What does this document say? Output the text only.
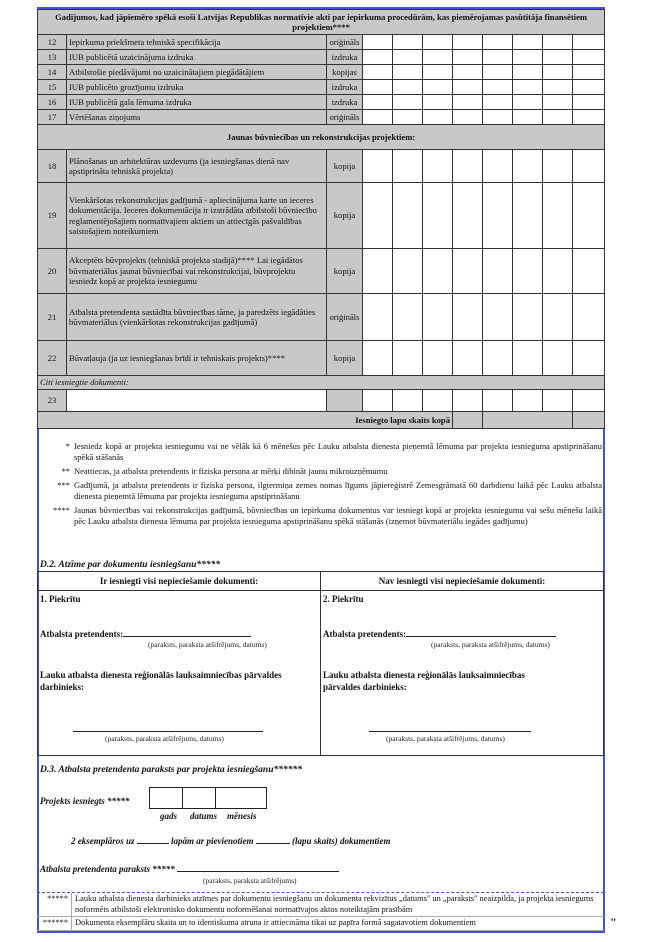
Gadījumos, kad jāpiemēro spēkā esoši Latvijas Republikas normatīvie akti par iepirkuma procedūrām, kas piemērojamas pasūtītāja finansētiem projektiem****										
12	Iepirkuma priekšmeta tehniskā specifikācija	oriģināls								
13	IUB publicētā uzaicinājuma izdruka	izdruka								
14	Atbilstošie piedāvājumi no uzaicinātajiem piegādātājiem	kopijas								
15	IUB publicēto grozījumu izdruka	izdruka								
16	IUB publicētā gala lēmuma izdruka	izdruka								
17	Vērtēšanas ziņojums	oriģināls								
Jaunas būvniecības un rekonstrukcijas projektiem:										
18	Plānošanas un arhitektūras uzdevums (ja iesniegšanas dienā nav apstiprināta tehniskā projekta)	kopija								
19	Vienkāršotas rekonstrukcijas gadījumā - apliecinājuma karte un ieceres dokumentācija. Ieceres dokumentācija ir izstrādāta atbilstoši būvniecību reglamentējošajiem normatīvajiem aktiem un attiecīgās pašvaldības saistošajiem noteikumiem	kopija								
20	Akceptēts būvprojekts (tehniskā projekta stadijā)**** Lai iegādātos būvmateriālus jaunai būvniecībai vai rekonstrukcijai, būvprojektu iesniedz kopā ar projekta iesniegumu	kopija								
21	Atbalsta pretendenta sastādīta būvniecības tāme, ja paredzēts iegādāties būvmateriālus (vienkāršotas rekonstrukcijas gadījumā)	oriģināls								
22	Būvatļauja (ja uz iesniegšanas brīdi ir tehniskais projekts)****	kopija								
Citi iesniegtie dokumenti:										
23										
Iesniegto lapu skaits kopā										
* Iesniedz kopā ar projekta iesniegumu vai ne vēlāk kā 6 mēnešus pēc Lauku atbalsta dienesta pieņemtā lēmuma par projekta iesnieguma apstiprināšanu spēkā stāšanās
** Neattiecas, ja atbalsta pretendents ir fiziska persona ar mērķi dibināt jaunu mikrouzņēmumu
*** Gadījumā, ja atbalsta pretendents ir fiziska persona, ilgtermiņa zemes nomas līgums jāpiereģistrē Zemesgrāmatā 60 darbdienu laikā pēc Lauku atbalsta dienesta pieņemtā lēmuma par projekta iesnieguma apstiprināšanu
**** Jaunas būvniecības vai rekonstrukcijas gadījumā, būvniecības un iepirkuma dokumentus var iesniegt kopā ar projekta iesniegumu vai sešu mēnešu laikā pēc Lauku atbalsta dienesta lēmuma par projekta iesnieguma apstiprināšanu spēkā stāšanās (izņemot būvmateriālu iegādes gadījumu)
D.2. Atzīme par dokumentu iesniegšanu*****
Ir iesniegti visi nepieciešamie dokumenti:	Nav iesniegti visi nepieciešamie dokumenti:

1. Piekrītu
Atbalsta pretendents:
(paraksts, paraksta atšifrējums, datums)
Lauku atbalsta dienesta reģionālās lauksaimniecības pārvaldes darbinieks:
(paraksts, paraksta atšifrējums, datums)

2. Piekrītu
Atbalsta pretendents:
(paraksts, paraksta atšifrējums, datums)
Lauku atbalsta dienesta reģionālās lauksaimniecības pārvaldes darbinieks:
(paraksts, paraksta atšifrējums, datums)
D.3. Atbalsta pretendenta paraksts par projekta iesniegšanu******
Projekts iesniegts *****
gads datums mēnesis
2 eksemplāros uz	lapām ar pievienotiem	(lapu skaits) dokumentiem
Atbalsta pretendenta paraksts *****
(paraksts, paraksta atšifrējums)
*****	Lauku atbalsta dienesta darbinieks atzīmes par dokumentu iesniegšanu un dokumenta rekvizītus „datums" un „paraksts" neaizpilda, ja projekta iesniegums noformēts atbilstoši elektronisko dokumentu noformēšanai normatīvajos aktos noteiktajām prasībām
******	Dokumenta eksemplāru skaita un to identiskuma atruna ir attiecināma tikai uz papīra formā sagatavotiem dokumentiem	"
